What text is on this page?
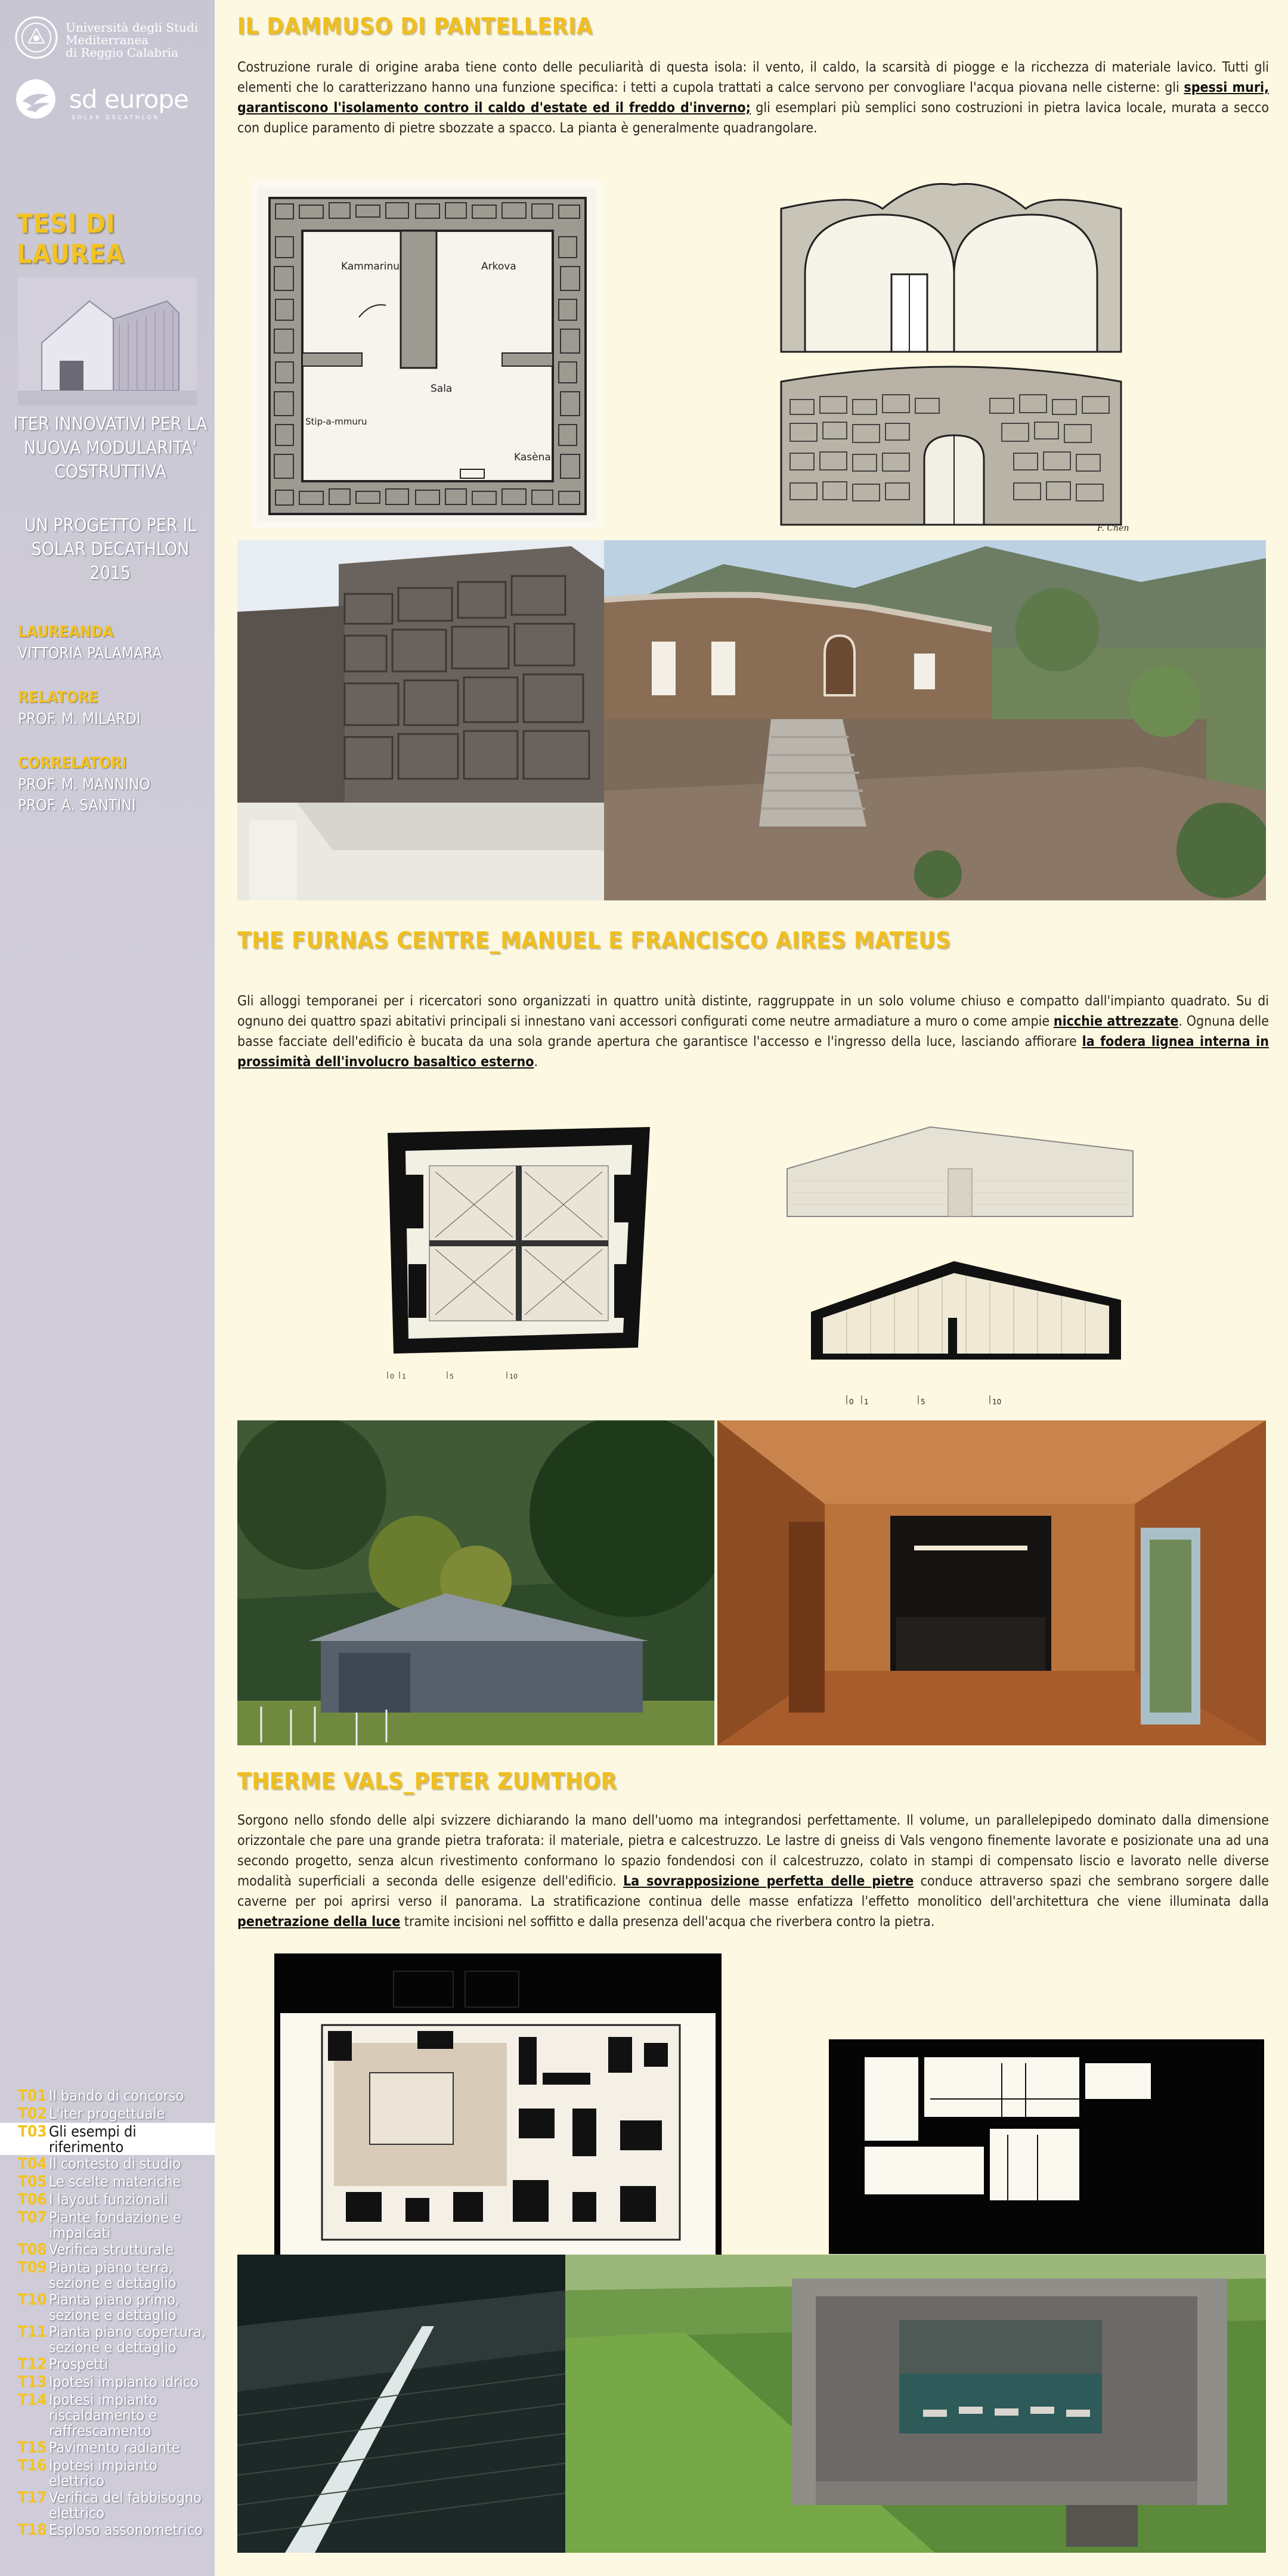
Università degli Studi
Mediterranea
di Reggio Calabria
sd europe
SOLAR DECATHLON
TESI DI LAUREA
ITER INNOVATIVI PER LA
NUOVA MODULARITA'
COSTRUTTIVA
UN PROGETTO PER IL
SOLAR DECATHLON 2015
LAUREANDA
VITTORIA PALAMARA
RELATORE
PROF. M. MILARDI
CORRELATORI
PROF. M. MANNINO
PROF. A. SANTINI
T01 Il bando di concorso
T02 L'iter progettuale
T03 Gli esempi di riferimento
T04 Il contesto di studio
T05 Le scelte materiche
T06 I layout funzionali
T07 Piante fondazione e impalcati
T08 Verifica strutturale
T09 Pianta piano terra, sezione e dettaglio
T10 Pianta piano primo, sezione e dettaglio
T11 Pianta piano copertura, sezione e dettaglio
T12 Prospetti
T13 Ipotesi impianto idrico
T14 Ipotesi impianto riscaldamento e raffrescamento
T15 Pavimento radiante
T16 Ipotesi impianto elettrico
T17 Verifica del fabbisogno elettrico
T18 Esploso assonometrico
IL DAMMUSO DI PANTELLERIA
Costruzione rurale di origine araba tiene conto delle peculiarità di questa isola: il vento, il caldo, la scarsità di piogge e la ricchezza di materiale lavico. Tutti gli elementi che lo caratterizzano hanno una funzione specifica: i tetti a cupola trattati a calce servono per convogliare l'acqua piovana nelle cisterne: gli spessi muri, garantiscono l'isolamento contro il caldo d'estate ed il freddo d'inverno; gli esemplari più semplici sono costruzioni in pietra lavica locale, murata a secco con duplice paramento di pietre sbozzate a spacco. La pianta è generalmente quadrangolare.
Kammarinu	Arkova
Sala
Stip-a-mmuru
Kasèna
F. Chen
THE FURNAS CENTRE_MANUEL E FRANCISCO AIRES MATEUS
Gli alloggi temporanei per i ricercatori sono organizzati in quattro unità distinte, raggruppate in un solo volume chiuso e compatto dall'impianto quadrato. Su di ognuno dei quattro spazi abitativi principali si innestano vani accessori configurati come neutre armadiature a muro o come ampie nicchie attrezzate. Ognuna delle basse facciate dell'edificio è bucata da una sola grande apertura che garantisce l'accesso e l'ingresso della luce, lasciando affiorare la fodera lignea interna in prossimità dell'involucro basaltico esterno.
0 1	5	10
0 1	5	10
THERME VALS_PETER ZUMTHOR
Sorgono nello sfondo delle alpi svizzere dichiarando la mano dell'uomo ma integrandosi perfettamente. Il volume, un parallelepipedo dominato dalla dimensione orizzontale che pare una grande pietra traforata: il materiale, pietra e calcestruzzo. Le lastre di gneiss di Vals vengono finemente lavorate e posizionate una ad una secondo progetto, senza alcun rivestimento conformano lo spazio fondendosi con il calcestruzzo, colato in stampi di compensato liscio e lavorato nelle diverse modalità superficiali a seconda delle esigenze dell'edificio. La sovrapposizione perfetta delle pietre conduce attraverso spazi che sembrano sorgere dalle caverne per poi aprirsi verso il panorama. La stratificazione continua delle masse enfatizza l'effetto monolitico dell'architettura che viene illuminata dalla penetrazione della luce tramite incisioni nel soffitto e dalla presenza dell'acqua che riverbera contro la pietra.
